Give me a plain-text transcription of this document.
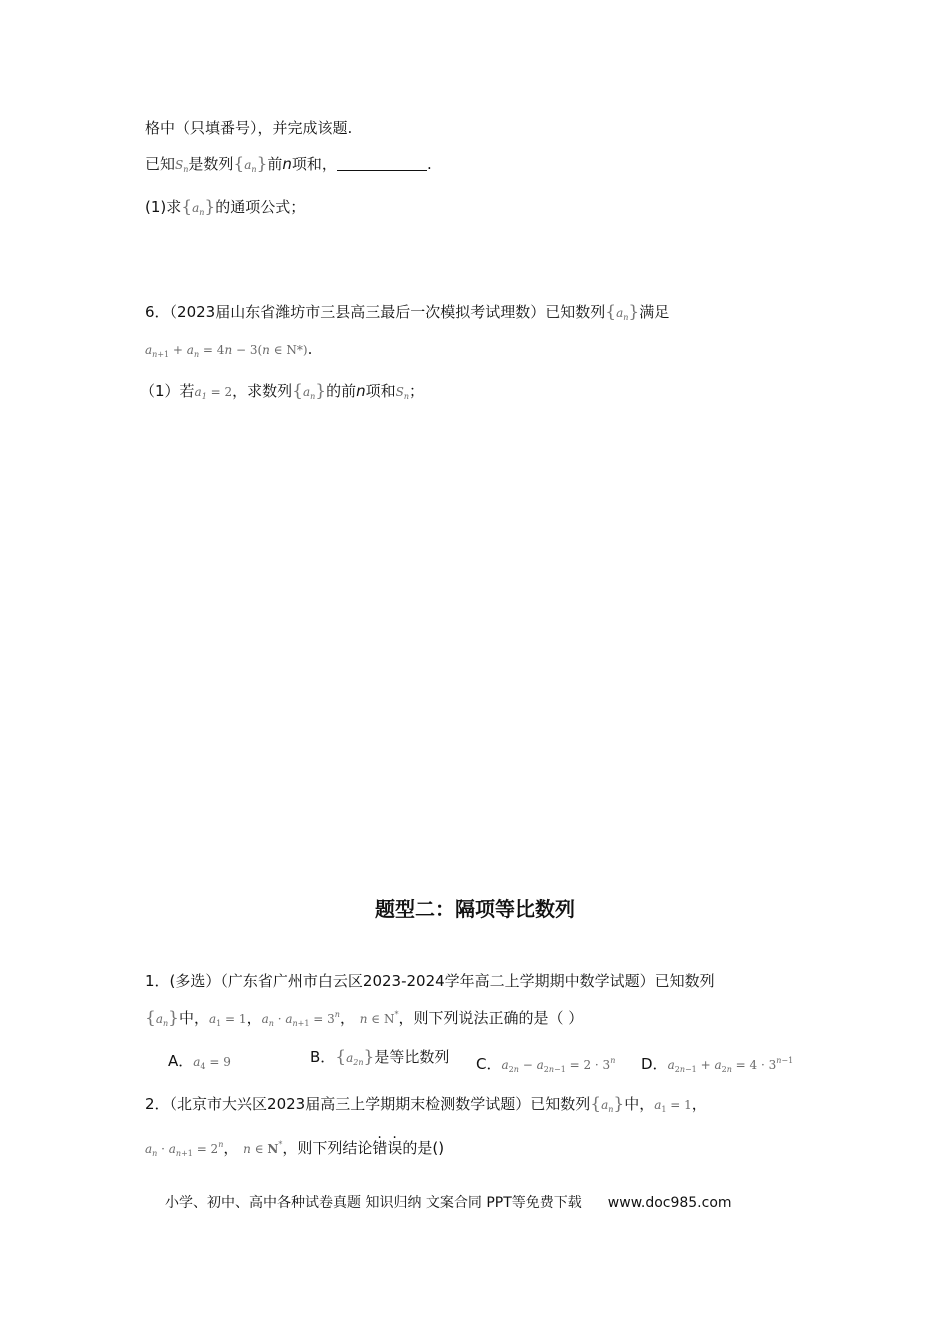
格中（只填番号），并完成该题.
已知$S_n$是数列$\{a_n\}$前n项和，	.
(1)求$\{a_n\}$的通项公式；
6．（2023届山东省潍坊市三县高三最后一次模拟考试理数）已知数列$\{a_n\}$满足
$a_{n+1} + a_n = 4n - 3(n$ ∈ N*).
（1）若$a_1 = 2$，求数列$\{a_n\}$的前n项和$S_n$；
题型二：隔项等比数列
1．(多选）（广东省广州市白云区2023-2024学年高二上学期期中数学试题）已知数列
$\{a_n\}$中，$a_1 = 1$，$a_n \cdot a_{n+1} = 3^n$， n ∈ N*，则下列说法正确的是（ ）
A．$a_4 = 9$	B．$\{a_{2n}\}$是等比数列 C．$a_{2n} - a_{2n-1} = 2 \cdot 3^n$ D．$a_{2n-1} + a_{2n} = 4 \cdot 3^{n-1}$
2．（北京市大兴区2023届高三上学期期末检测数学试题）已知数列$\{a_n\}$中，$a_1 = 1$，
$a_n \cdot a_{n+1} = 2^n$， n ∈ N*，则下列结论错误的是()
小学、初中、高中各种试卷真题 知识归纳 文案合同 PPT等免费下载 www.doc985.com
